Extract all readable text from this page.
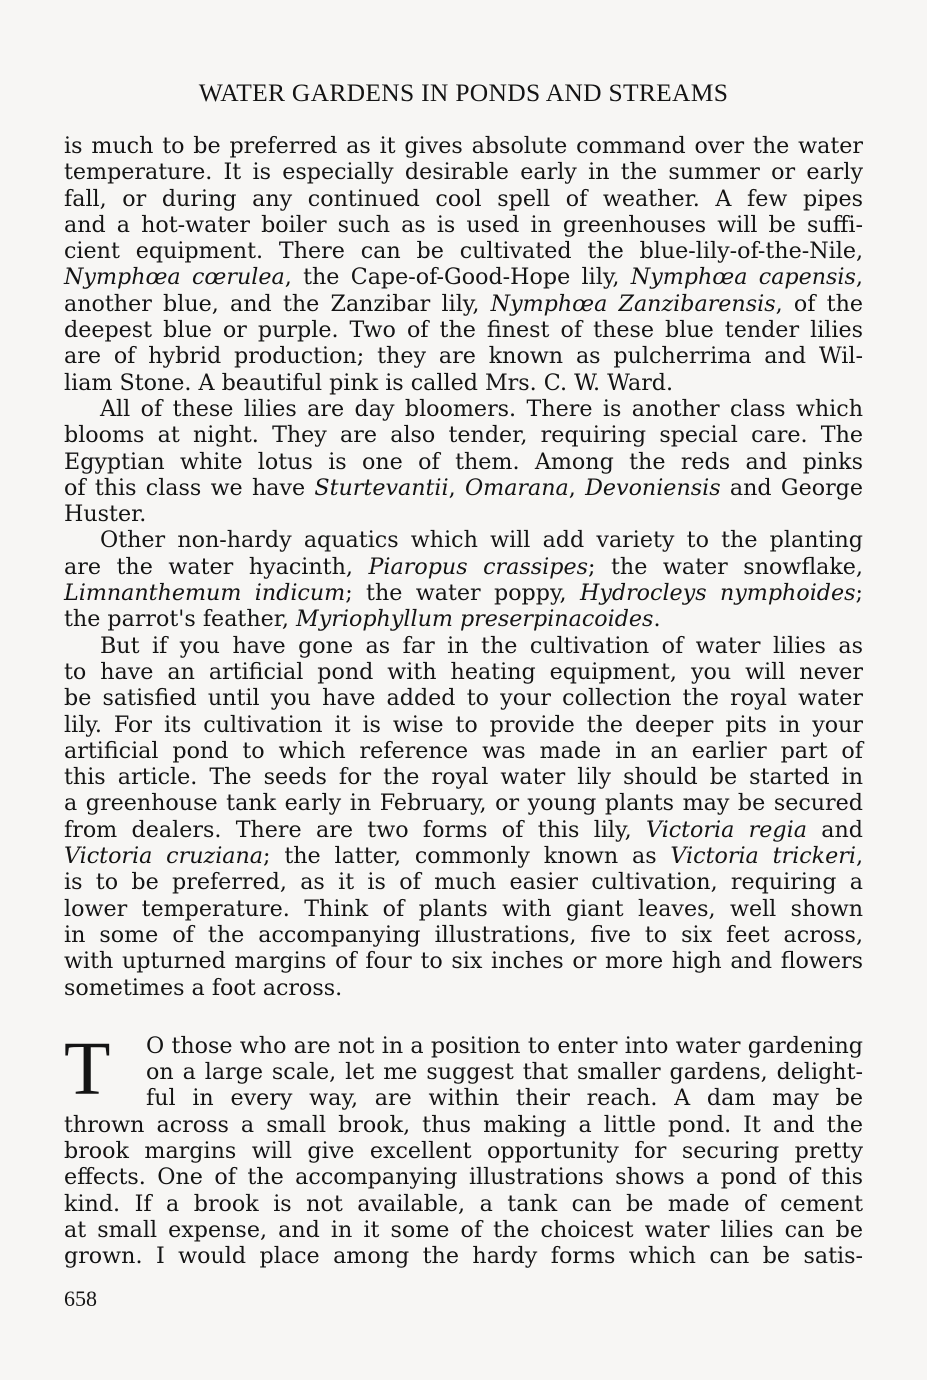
WATER GARDENS IN PONDS AND STREAMS
is much to be preferred as it gives absolute command over the water
temperature. It is especially desirable early in the summer or early
fall, or during any continued cool spell of weather. A few pipes
and a hot-water boiler such as is used in greenhouses will be suffi-
cient equipment. There can be cultivated the blue-lily-of-the-Nile,
Nymphœa cœrulea, the Cape-of-Good-Hope lily, Nymphœa capensis,
another blue, and the Zanzibar lily, Nymphœa Zanzibarensis, of the
deepest blue or purple. Two of the finest of these blue tender lilies
are of hybrid production; they are known as pulcherrima and Wil-
liam Stone. A beautiful pink is called Mrs. C. W. Ward.
All of these lilies are day bloomers. There is another class which
blooms at night. They are also tender, requiring special care. The
Egyptian white lotus is one of them. Among the reds and pinks
of this class we have Sturtevantii, Omarana, Devoniensis and George
Huster.
Other non-hardy aquatics which will add variety to the planting
are the water hyacinth, Piaropus crassipes; the water snowflake,
Limnanthemum indicum; the water poppy, Hydrocleys nymphoides;
the parrot's feather, Myriophyllum preserpinacoides.
But if you have gone as far in the cultivation of water lilies as
to have an artificial pond with heating equipment, you will never
be satisfied until you have added to your collection the royal water
lily. For its cultivation it is wise to provide the deeper pits in your
artificial pond to which reference was made in an earlier part of
this article. The seeds for the royal water lily should be started in
a greenhouse tank early in February, or young plants may be secured
from dealers. There are two forms of this lily, Victoria regia and
Victoria cruziana; the latter, commonly known as Victoria trickeri,
is to be preferred, as it is of much easier cultivation, requiring a
lower temperature. Think of plants with giant leaves, well shown
in some of the accompanying illustrations, five to six feet across,
with upturned margins of four to six inches or more high and flowers
sometimes a foot across.
T	O those who are not in a position to enter into water gardening
on a large scale, let me suggest that smaller gardens, delight-
ful in every way, are within their reach. A dam may be
thrown across a small brook, thus making a little pond. It and the
brook margins will give excellent opportunity for securing pretty
effects. One of the accompanying illustrations shows a pond of this
kind. If a brook is not available, a tank can be made of cement
at small expense, and in it some of the choicest water lilies can be
grown. I would place among the hardy forms which can be satis-
658
